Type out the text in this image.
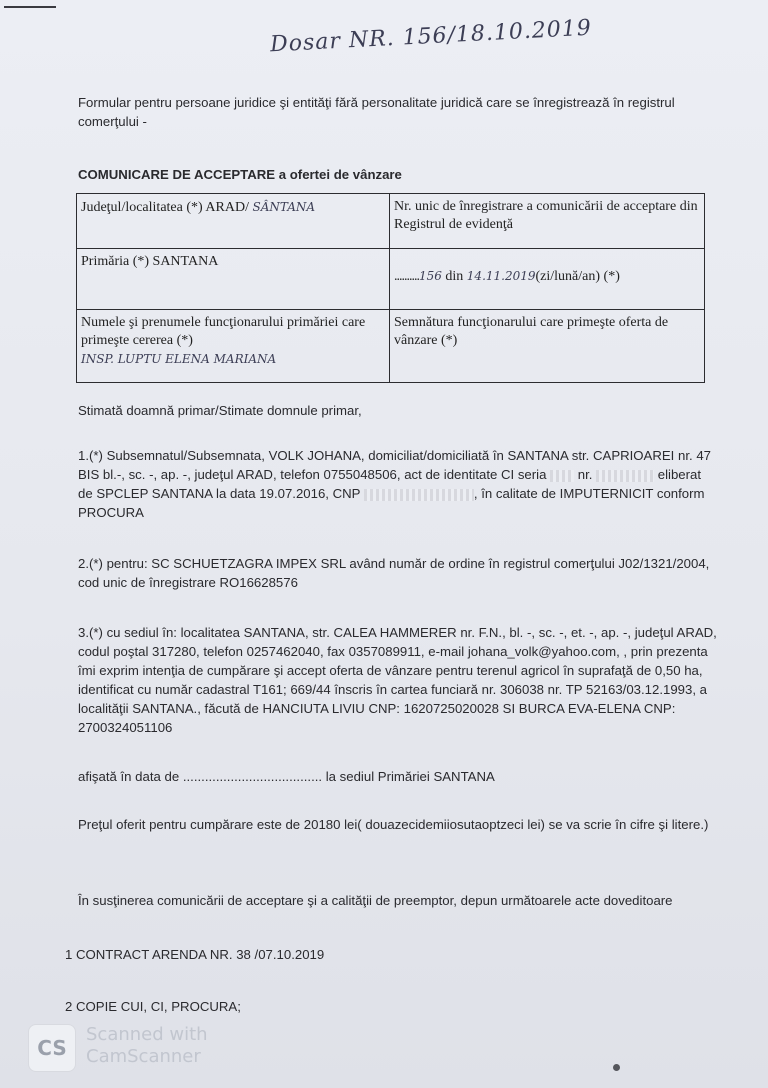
Dosar NR. 156/18.10.2019

Formular pentru persoane juridice şi entităţi fără personalitate juridică care se înregistrează în registrul comerţului -

COMUNICARE DE ACCEPTARE a ofertei de vânzare

Judeţul/localitatea (*) ARAD/ SÂNTANA	Nr. unic de înregistrare a comunicării de acceptare din Registrul de evidenţă
Primăria (*) SANTANA	..........156 din 14.11.2019(zi/lună/an) (*)

Numele şi prenumele funcţionarului primăriei care primeşte cererea (*)
INSP. LUPTU ELENA MARIANA	Semnătura funcţionarului care primeşte oferta de vânzare (*)

Stimată doamnă primar/Stimate domnule primar,

1.(*) Subsemnatul/Subsemnata, VOLK JOHANA, domiciliat/domiciliată în SANTANA str. CAPRIOAREI nr. 47 BIS bl.-, sc. -, ap. -, judeţul ARAD, telefon 0755048506, act de identitate CI seria  nr.	eliberat de SPCLEP SANTANA la data 19.07.2016, CNP	, în calitate de IMPUTERNICIT conform PROCURA

2.(*) pentru: SC SCHUETZAGRA IMPEX SRL având număr de ordine în registrul comerţului J02/1321/2004, cod unic de înregistrare RO16628576

3.(*) cu sediul în: localitatea SANTANA, str. CALEA HAMMERER nr. F.N., bl. -, sc. -, et. -, ap. -, judeţul ARAD, codul poştal 317280, telefon 0257462040, fax 0357089911, e-mail johana_volk@yahoo.com, , prin prezenta îmi exprim intenţia de cumpărare şi accept oferta de vânzare pentru terenul agricol în suprafaţă de 0,50 ha, identificat cu număr cadastral T161; 669/44 înscris în cartea funciară nr. 306038 nr. TP 52163/03.12.1993, a localităţii SANTANA., făcută de HANCIUTA LIVIU CNP: 1620725020028 SI BURCA EVA-ELENA CNP: 2700324051106

afişată în data de ...................................... la sediul Primăriei SANTANA

Preţul oferit pentru cumpărare este de 20180 lei( douazecidemiiosutaoptzeci lei) se va scrie în cifre şi litere.)

În susţinerea comunicării de acceptare şi a calităţii de preemptor, depun următoarele acte doveditoare

1 CONTRACT ARENDA NR. 38 /07.10.2019

2 COPIE CUI, CI, PROCURA;

CS
Scanned with
CamScanner
